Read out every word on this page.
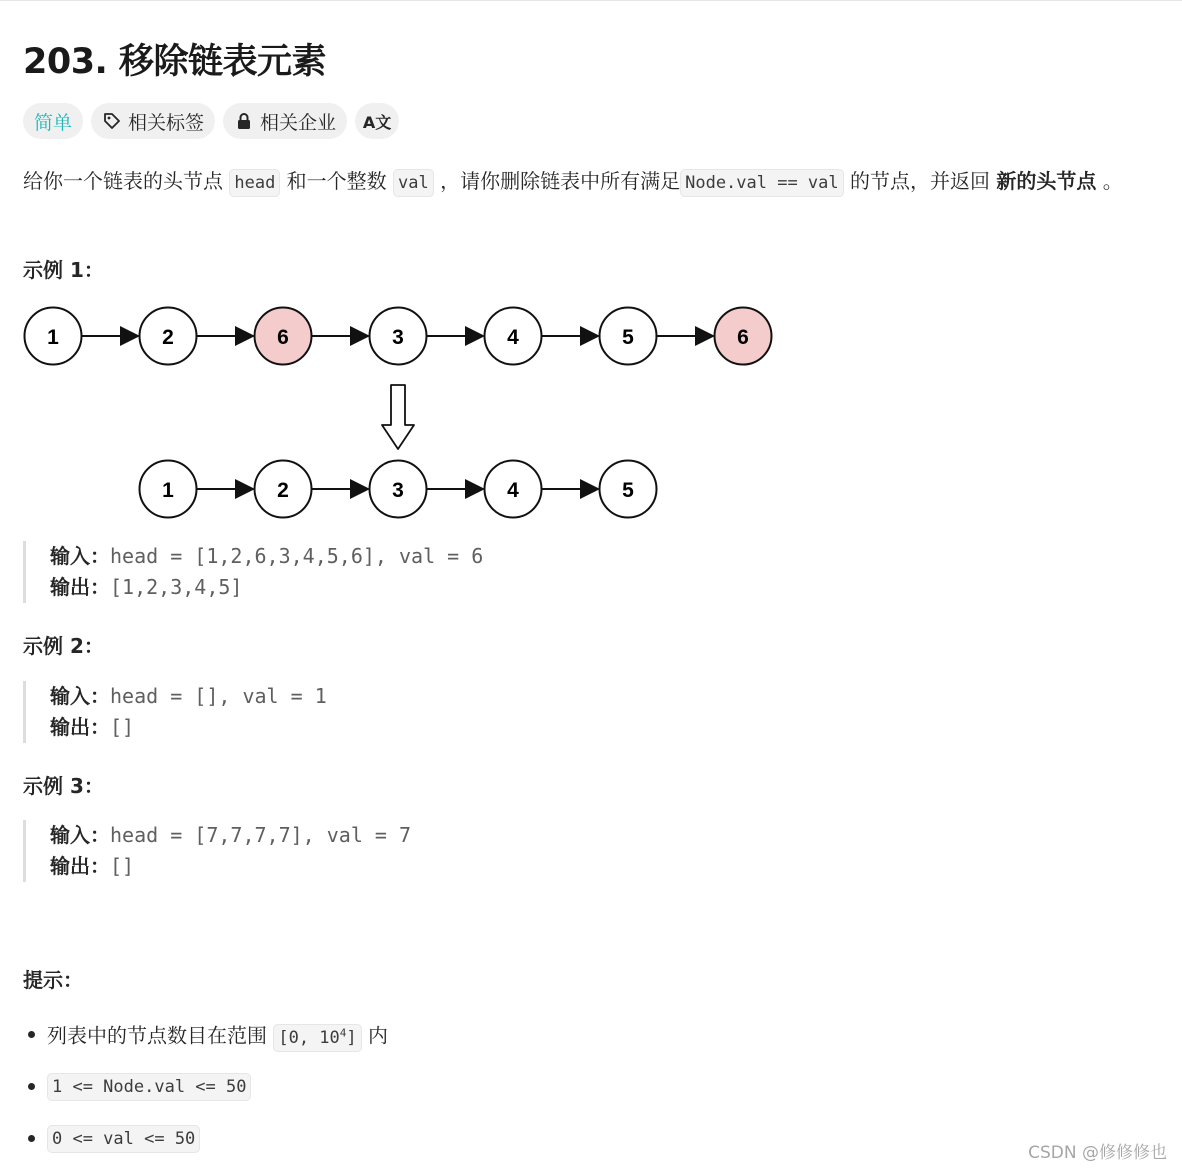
203. 移除链表元素
简单	相关标签	相关企业 A文
给你一个链表的头节点 head 和一个整数 val ，请你删除链表中所有满足 Node.val == val 的节点，并返回 新的头节点 。
示例 1：
1	2	6	3	4	5	6
1	2	3	4	5
输入：head = [1,2,6,3,4,5,6], val = 6
输出：[1,2,3,4,5]
示例 2：
输入：head = [], val = 1
输出：[]
示例 3：
输入：head = [7,7,7,7], val = 7
输出：[]
提示：
列表中的节点数目在范围 [0, $10^4$] 内
1 <= Node.val <= 50
0 <= val <= 50
CSDN @修修修也
